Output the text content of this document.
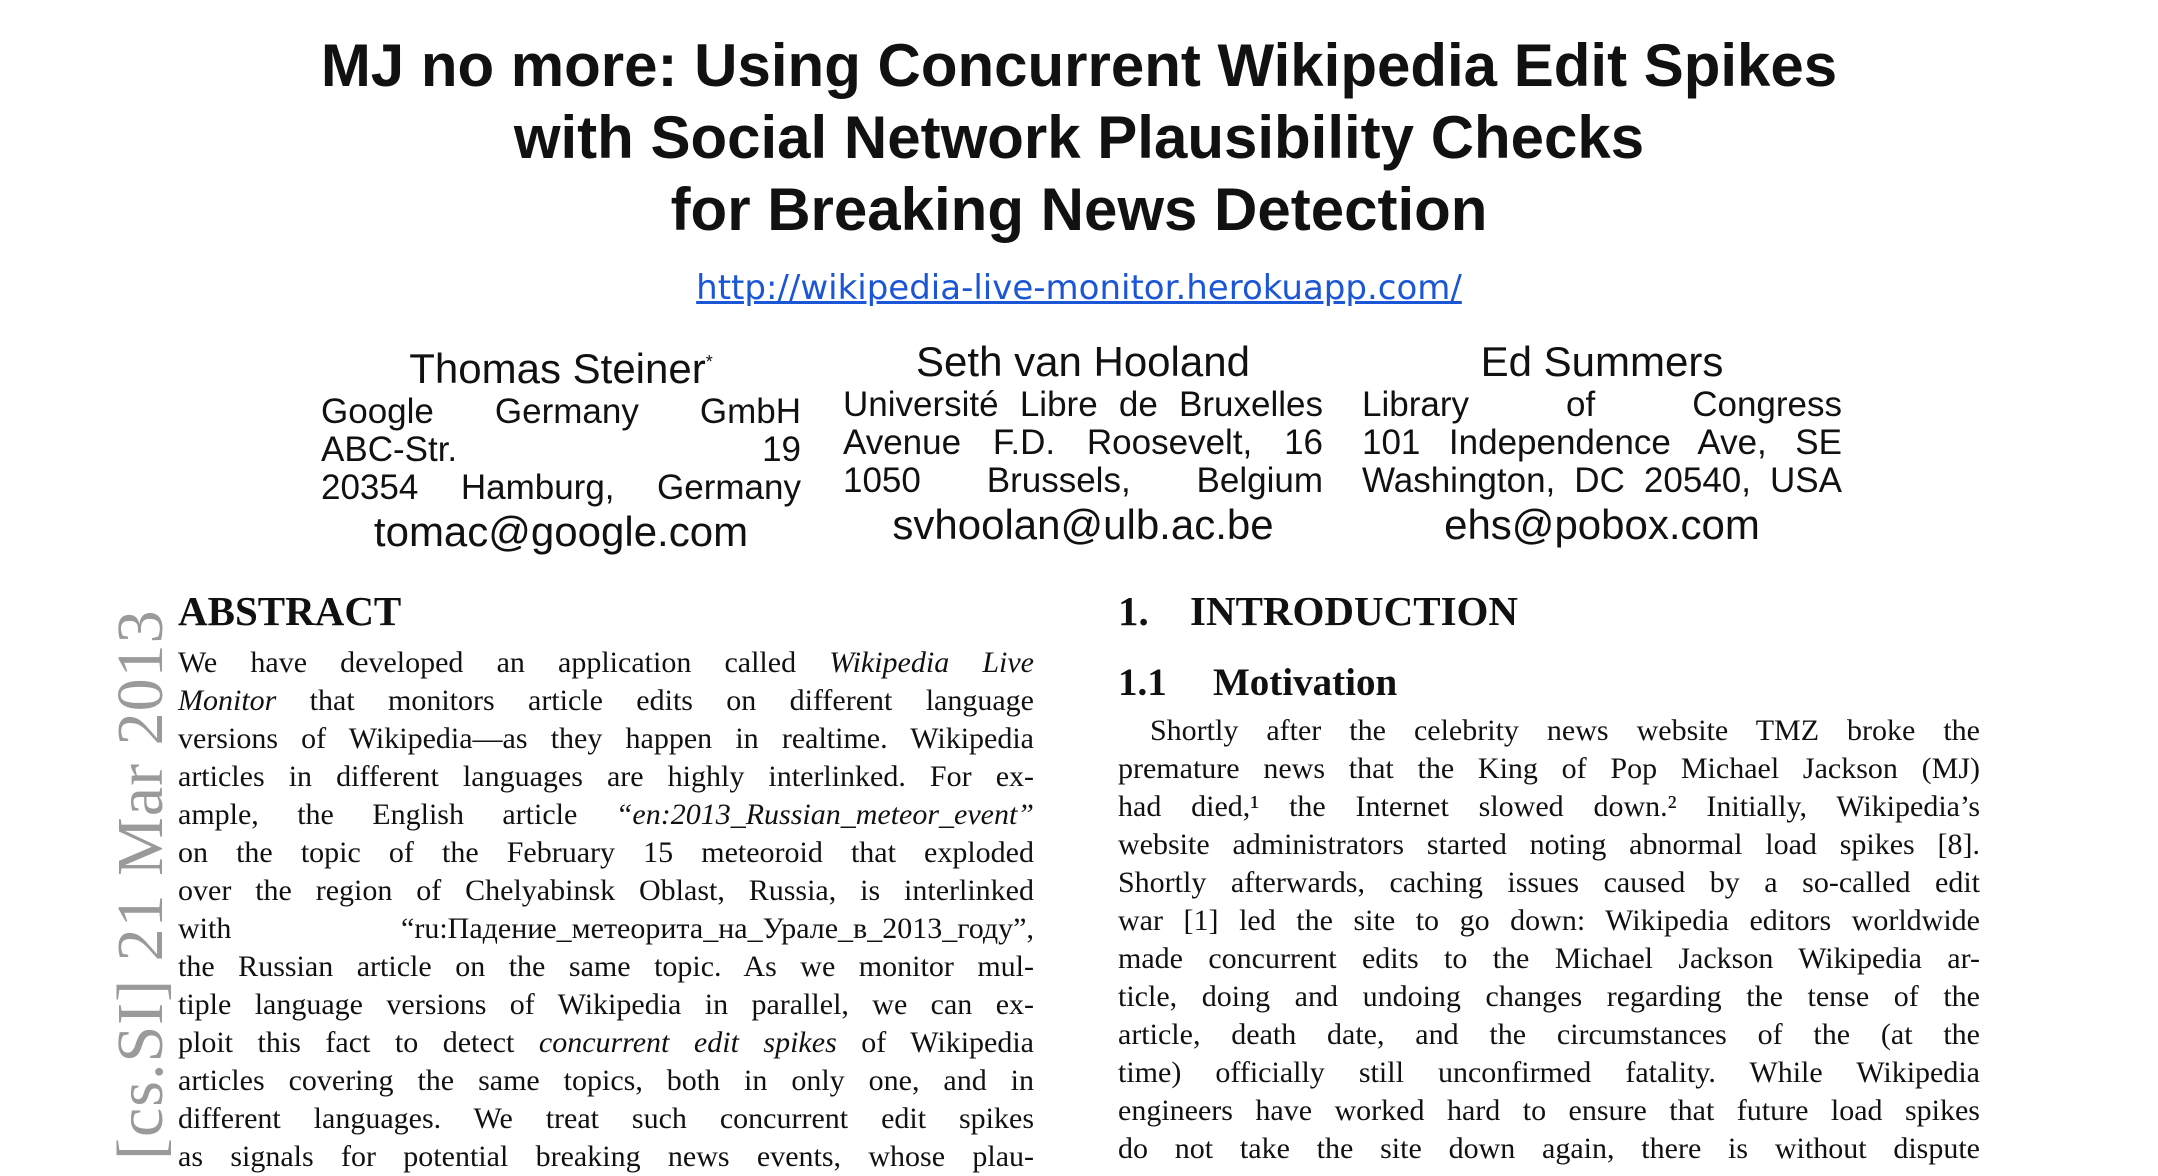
MJ no more: Using Concurrent Wikipedia Edit Spikes
with Social Network Plausibility Checks
for Breaking News Detection
http://wikipedia-live-monitor.herokuapp.com/
Thomas Steiner*
Google Germany GmbH
ABC-Str. 19
20354 Hamburg, Germany
tomac@google.com
Seth van Hooland
Université Libre de Bruxelles
Avenue F.D. Roosevelt, 16
1050 Brussels, Belgium
svhoolan@ulb.ac.be
Ed Summers
Library of Congress
101 Independence Ave, SE
Washington, DC 20540, USA
ehs@pobox.com
[cs.SI] 21 Mar 2013 ABSTRACT
We have developed an application called Wikipedia Live
Monitor that monitors article edits on different language
versions of Wikipedia—as they happen in realtime. Wikipedia
articles in different languages are highly interlinked. For ex-
ample, the English article “en:2013_Russian_meteor_event”
on the topic of the February 15 meteoroid that exploded
over the region of Chelyabinsk Oblast, Russia, is interlinked
with “ru:Падение_метеорита_на_Урале_в_2013_году”,
the Russian article on the same topic. As we monitor mul-
tiple language versions of Wikipedia in parallel, we can ex-
ploit this fact to detect concurrent edit spikes of Wikipedia
articles covering the same topics, both in only one, and in
different languages. We treat such concurrent edit spikes
as signals for potential breaking news events, whose plau-
1. INTRODUCTION
1.1 Motivation
Shortly after the celebrity news website TMZ broke the
premature news that the King of Pop Michael Jackson (MJ)
had died,¹ the Internet slowed down.² Initially, Wikipedia’s
website administrators started noting abnormal load spikes [8].
Shortly afterwards, caching issues caused by a so-called edit
war [1] led the site to go down: Wikipedia editors worldwide
made concurrent edits to the Michael Jackson Wikipedia ar-
ticle, doing and undoing changes regarding the tense of the
article, death date, and the circumstances of the (at the
time) officially still unconfirmed fatality. While Wikipedia
engineers have worked hard to ensure that future load spikes
do not take the site down again, there is without dispute
